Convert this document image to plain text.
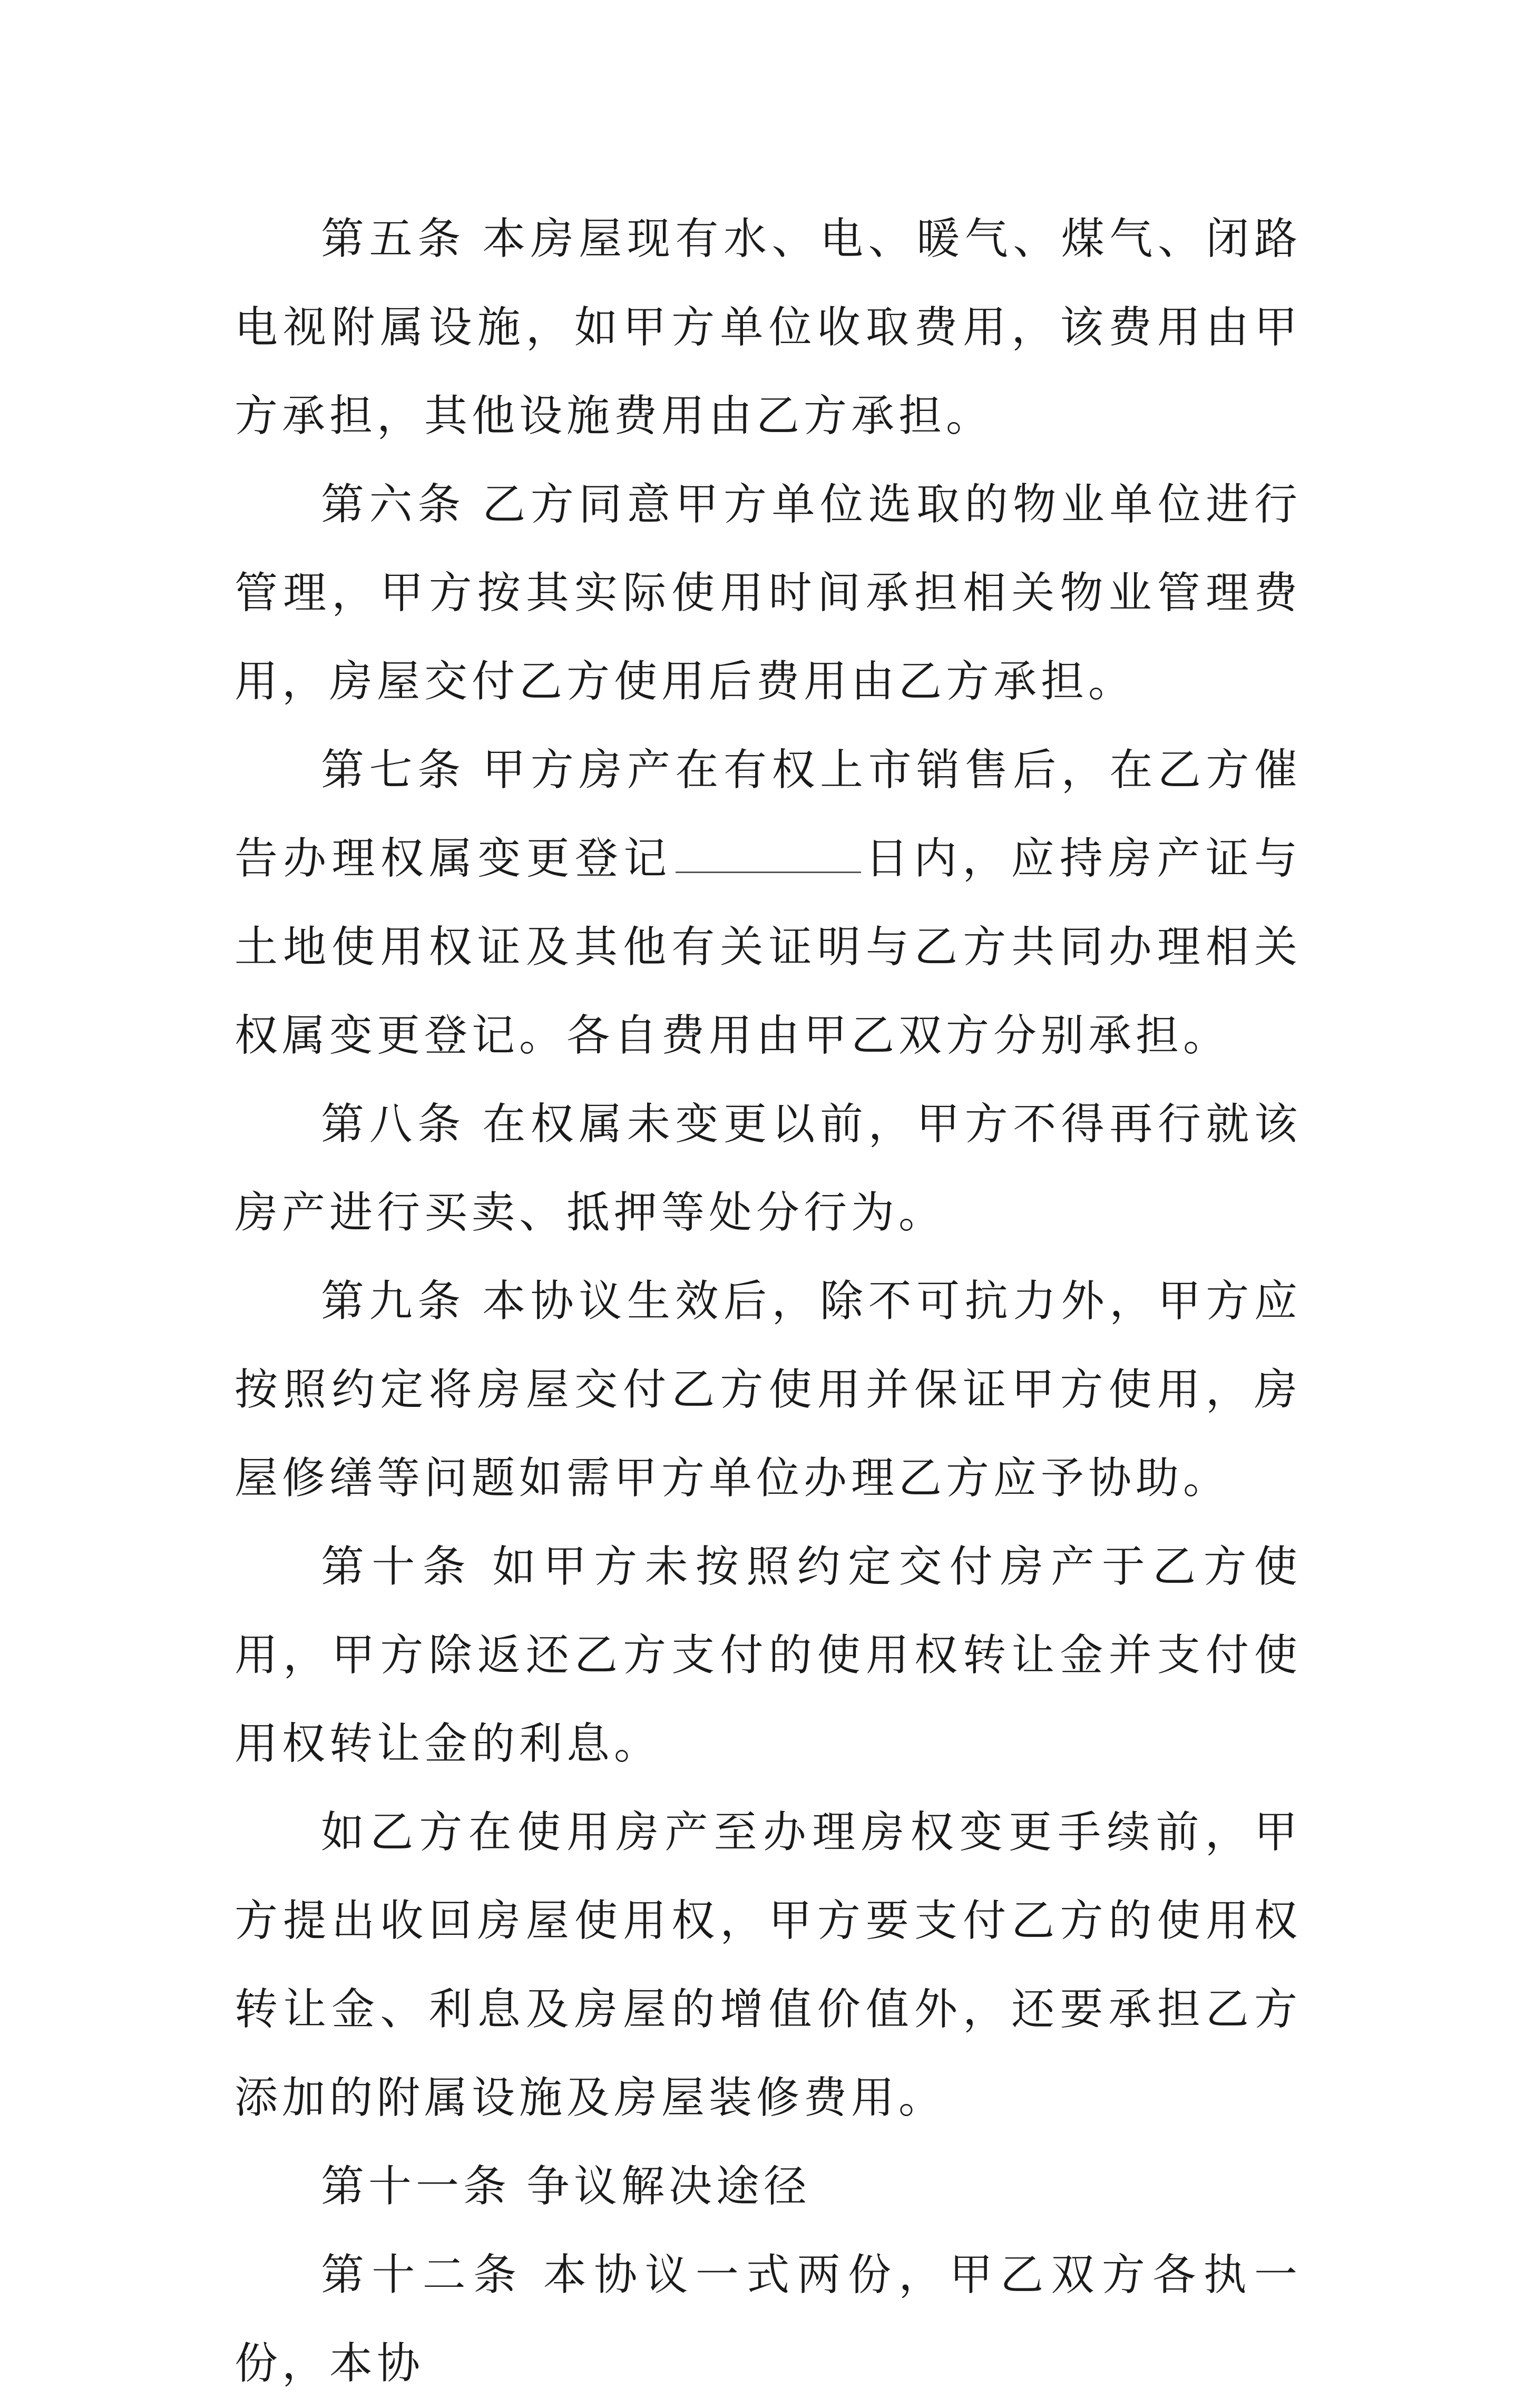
第五条 本房屋现有水、电、暖气、煤气、闭路电视附属设施，如甲方单位收取费用，该费用由甲方承担，其他设施费用由乙方承担。

第六条 乙方同意甲方单位选取的物业单位进行管理，甲方按其实际使用时间承担相关物业管理费用，房屋交付乙方使用后费用由乙方承担。

第七条 甲方房产在有权上市销售后，在乙方催告办理权属变更登记	日内，应持房产证与土地使用权证及其他有关证明与乙方共同办理相关权属变更登记。各自费用由甲乙双方分别承担。

第八条 在权属未变更以前，甲方不得再行就该房产进行买卖、抵押等处分行为。

第九条 本协议生效后，除不可抗力外，甲方应按照约定将房屋交付乙方使用并保证甲方使用，房屋修缮等问题如需甲方单位办理乙方应予协助。

第十条 如甲方未按照约定交付房产于乙方使用，甲方除返还乙方支付的使用权转让金并支付使用权转让金的利息。

如乙方在使用房产至办理房权变更手续前，甲方提出收回房屋使用权，甲方要支付乙方的使用权转让金、利息及房屋的增值价值外，还要承担乙方添加的附属设施及房屋装修费用。

第十一条 争议解决途径

第十二条 本协议一式两份，甲乙双方各执一份，本协
